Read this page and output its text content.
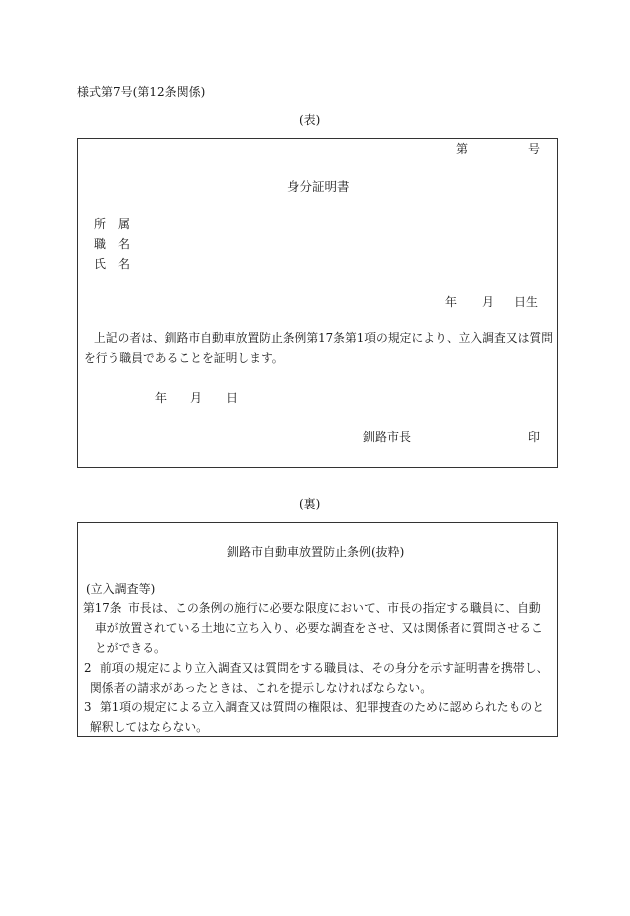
様式第7号(第12条関係)
(表)
第	号
身分証明書
所　属
職　名
氏　名
年 月 日生
上記の者は、釧路市自動車放置防止条例第17条第1項の規定により、立入調査又は質問
を行う職員であることを証明します。
年 月 日
釧路市長	印
(裏)
釧路市自動車放置防止条例(抜粋)
(立入調査等)
第17条 市長は、この条例の施行に必要な限度において、市長の指定する職員に、自動
車が放置されている土地に立ち入り、必要な調査をさせ、又は関係者に質問させるこ
とができる。
2 前項の規定により立入調査又は質問をする職員は、その身分を示す証明書を携帯し、
関係者の請求があったときは、これを提示しなければならない。
3 第1項の規定による立入調査又は質問の権限は、犯罪捜査のために認められたものと
解釈してはならない。
